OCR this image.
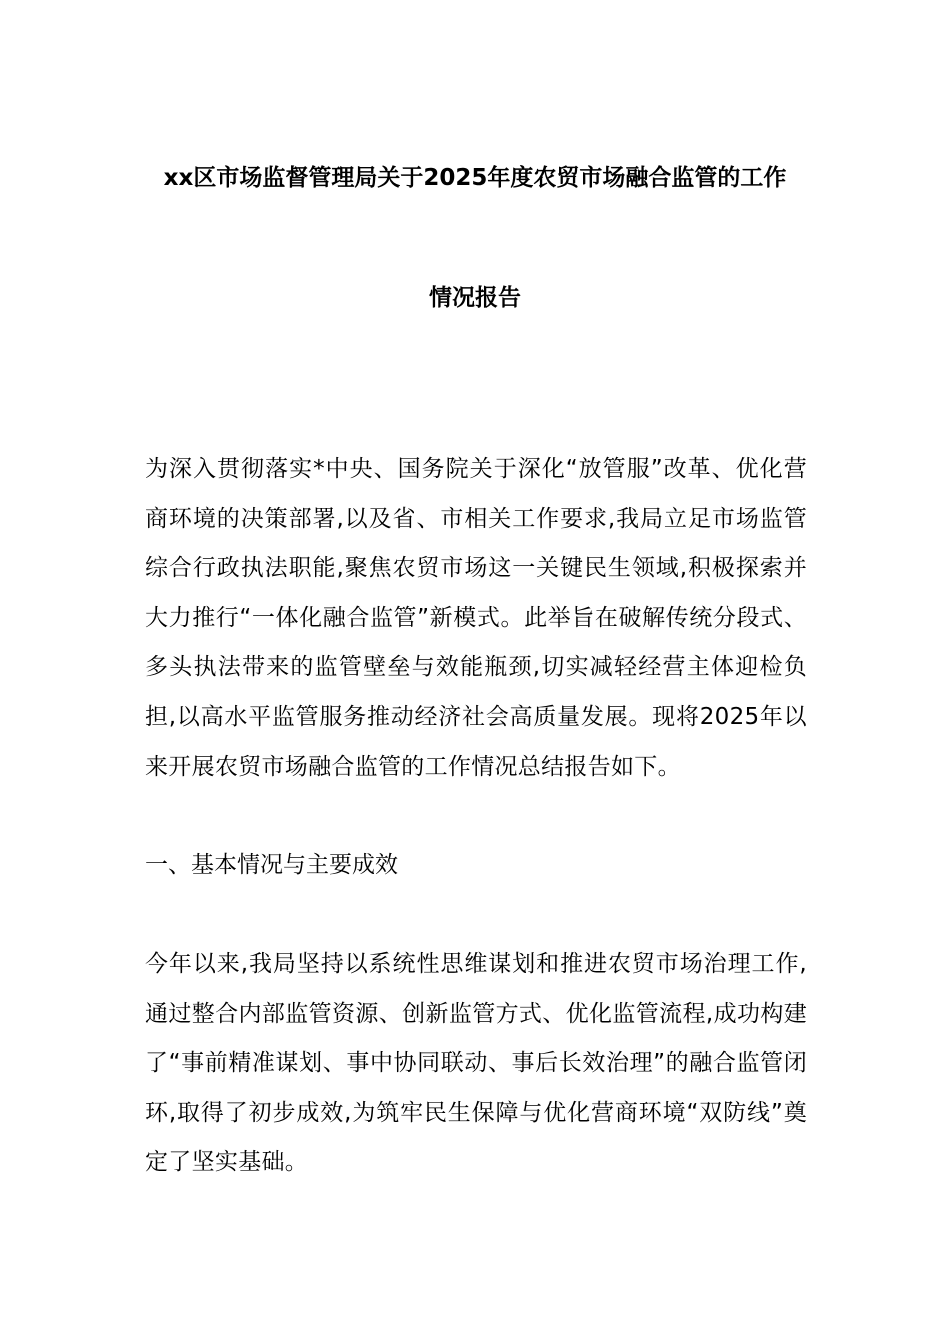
xx区市场监督管理局关于2025年度农贸市场融合监管的工作
情况报告

为深入贯彻落实*中央、国务院关于深化“放管服”改革、优化营商环境的决策部署,以及省、市相关工作要求,我局立足市场监管综合行政执法职能,聚焦农贸市场这一关键民生领域,积极探索并大力推行“一体化融合监管”新模式。此举旨在破解传统分段式、多头执法带来的监管壁垒与效能瓶颈,切实减轻经营主体迎检负担,以高水平监管服务推动经济社会高质量发展。现将2025年以来开展农贸市场融合监管的工作情况总结报告如下。

一、基本情况与主要成效

今年以来,我局坚持以系统性思维谋划和推进农贸市场治理工作,通过整合内部监管资源、创新监管方式、优化监管流程,成功构建了“事前精准谋划、事中协同联动、事后长效治理”的融合监管闭环,取得了初步成效,为筑牢民生保障与优化营商环境“双防线”奠定了坚实基础。
